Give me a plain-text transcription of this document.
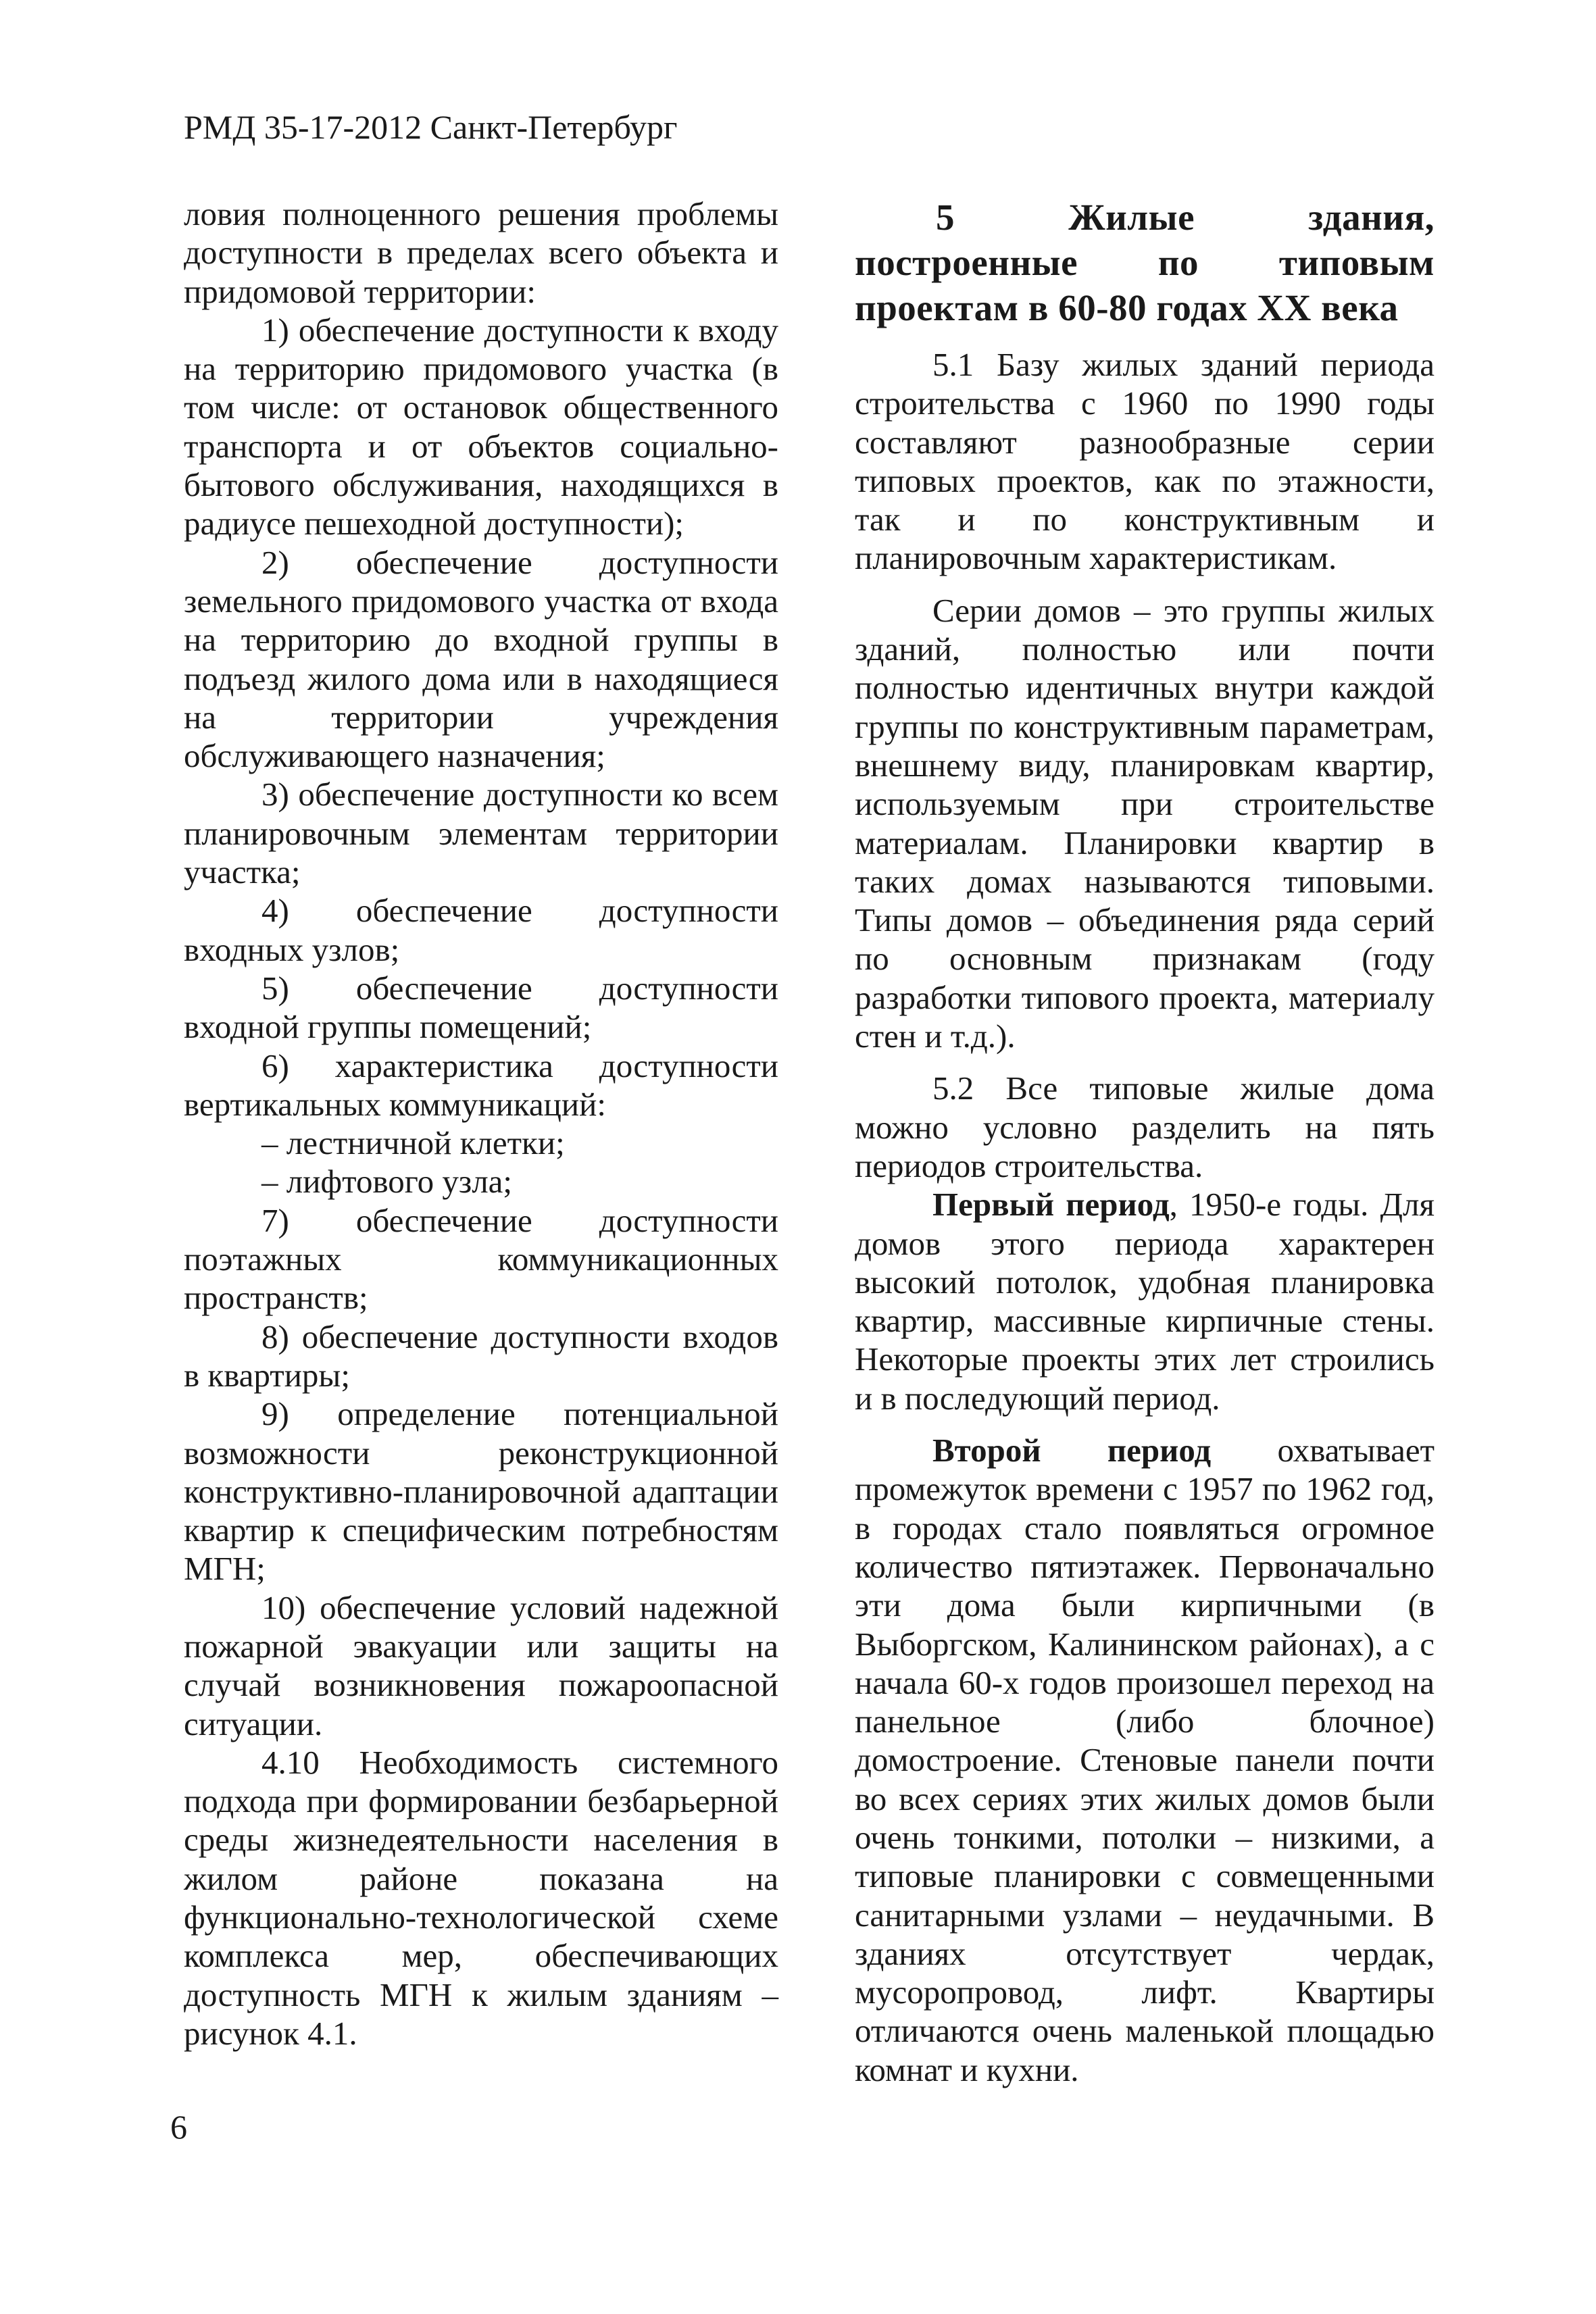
РМД 35-17-2012 Санкт-Петербург

ловия полноценного решения проблемы доступности в пределах всего объекта и придомовой территории:

1) обеспечение доступности к входу на территорию придомового участка (в том числе: от остановок общественного транспорта и от объектов социально-бытового обслуживания, находящихся в радиусе пешеходной доступности);

2) обеспечение доступности земельного придомового участка от входа на территорию до входной группы в подъезд жилого дома или в находящиеся на территории учреждения обслуживающего назначения;

3) обеспечение доступности ко всем планировочным элементам территории участка;

4) обеспечение доступности входных узлов;

5) обеспечение доступности входной группы помещений;

6) характеристика доступности вертикальных коммуникаций:

– лестничной клетки;

– лифтового узла;

7) обеспечение доступности поэтажных коммуникационных пространств;

8) обеспечение доступности входов в квартиры;

9) определение потенциальной возможности реконструкционной конструктивно-планировочной адаптации квартир к специфическим потребностям МГН;

10) обеспечение условий надежной пожарной эвакуации или защиты на случай возникновения пожароопасной ситуации.

4.10 Необходимость системного подхода при формировании безбарьерной среды жизнедеятельности населения в жилом районе показана на функционально-технологической схеме комплекса мер, обеспечивающих доступность МГН к жилым зданиям – рисунок 4.1.

5 Жилые здания, построенные по типовым проектам в 60-80 годах XX века

5.1 Базу жилых зданий периода строительства с 1960 по 1990 годы составляют разнообразные серии типовых проектов, как по этажности, так и по конструктивным и планировочным характеристикам.

Серии домов – это группы жилых зданий, полностью или почти полностью идентичных внутри каждой группы по конструктивным параметрам, внешнему виду, планировкам квартир, используемым при строительстве материалам. Планировки квартир в таких домах называются типовыми. Типы домов – объединения ряда серий по основным признакам (году разработки типового проекта, материалу стен и т.д.).

5.2 Все типовые жилые дома можно условно разделить на пять периодов строительства.

Первый период, 1950-е годы. Для домов этого периода характерен высокий потолок, удобная планировка квартир, массивные кирпичные стены. Некоторые проекты этих лет строились и в последующий период.

Второй период охватывает промежуток времени с 1957 по 1962 год, в городах стало появляться огромное количество пятиэтажек. Первоначально эти дома были кирпичными (в Выборгском, Калининском районах), а с начала 60-х годов произошел переход на панельное (либо блочное) домостроение. Стеновые панели почти во всех сериях этих жилых домов были очень тонкими, потолки – низкими, а типовые планировки с совмещенными санитарными узлами – неудачными. В зданиях отсутствует чердак, мусоропровод, лифт. Квартиры отличаются очень маленькой площадью комнат и кухни.

6
